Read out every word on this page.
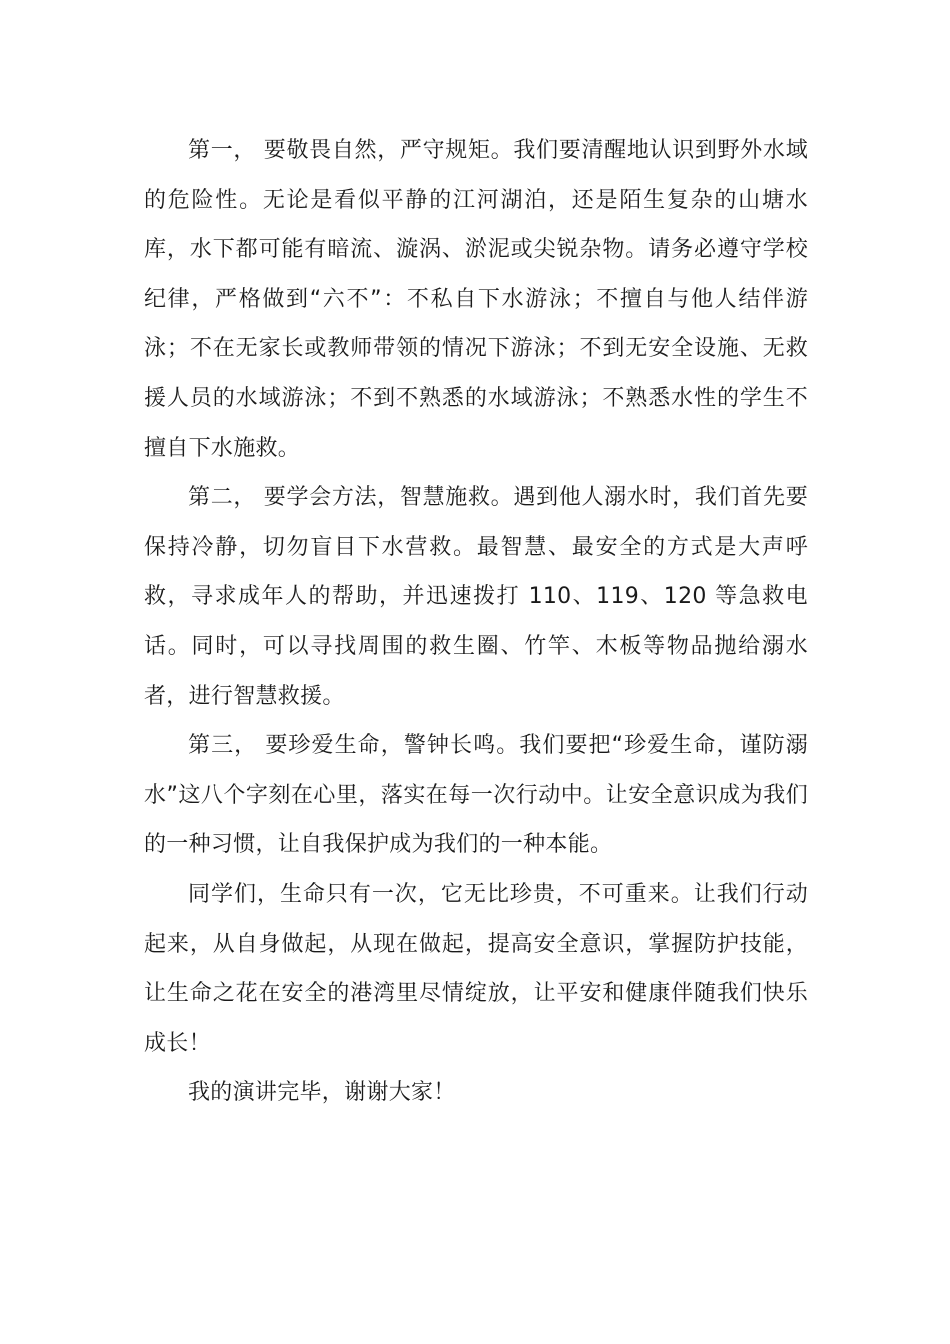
第一， 要敬畏自然，严守规矩。我们要清醒地认识到野外水域的危险性。无论是看似平静的江河湖泊，还是陌生复杂的山塘水库，水下都可能有暗流、漩涡、淤泥或尖锐杂物。请务必遵守学校纪律，严格做到“六不”：不私自下水游泳；不擅自与他人结伴游泳；不在无家长或教师带领的情况下游泳；不到无安全设施、无救援人员的水域游泳；不到不熟悉的水域游泳；不熟悉水性的学生不擅自下水施救。

第二， 要学会方法，智慧施救。遇到他人溺水时，我们首先要保持冷静，切勿盲目下水营救。最智慧、最安全的方式是大声呼救，寻求成年人的帮助，并迅速拨打 110、119、120 等急救电话。同时，可以寻找周围的救生圈、竹竿、木板等物品抛给溺水者，进行智慧救援。

第三， 要珍爱生命，警钟长鸣。我们要把“珍爱生命，谨防溺水”这八个字刻在心里，落实在每一次行动中。让安全意识成为我们的一种习惯，让自我保护成为我们的一种本能。

同学们，生命只有一次，它无比珍贵，不可重来。让我们行动起来，从自身做起，从现在做起，提高安全意识，掌握防护技能，让生命之花在安全的港湾里尽情绽放，让平安和健康伴随我们快乐成长！

我的演讲完毕，谢谢大家！
